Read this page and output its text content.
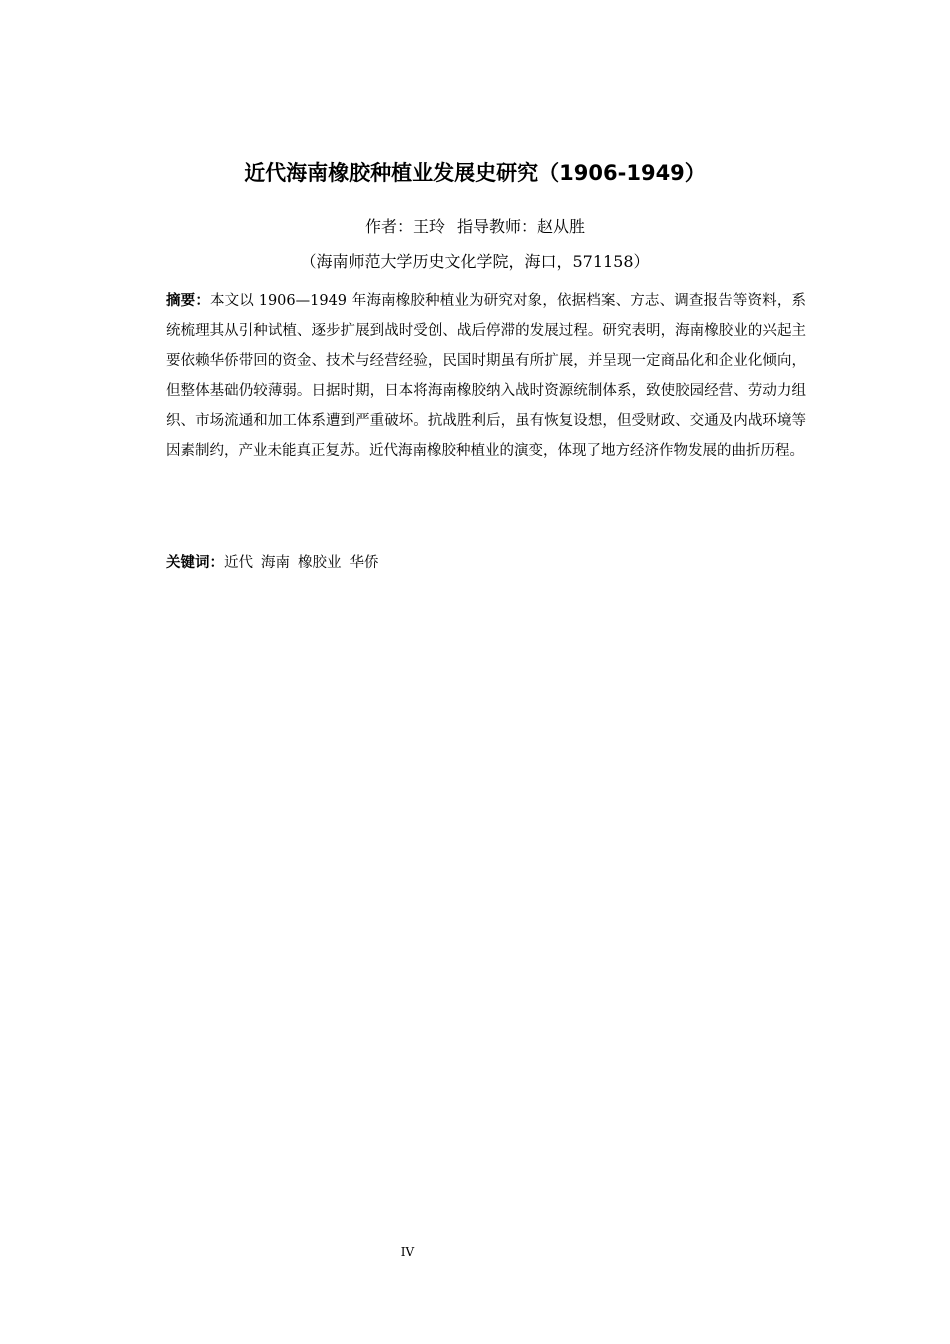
近代海南橡胶种植业发展史研究（1906-1949）
作者：王玲 指导教师：赵从胜
（海南师范大学历史文化学院，海口，571158）

摘要：本文以 1906—1949 年海南橡胶种植业为研究对象，依据档案、方志、调查报告等资料，系统梳理其从引种试植、逐步扩展到战时受创、战后停滞的发展过程。研究表明，海南橡胶业的兴起主要依赖华侨带回的资金、技术与经营经验，民国时期虽有所扩展，并呈现一定商品化和企业化倾向，但整体基础仍较薄弱。日据时期，日本将海南橡胶纳入战时资源统制体系，致使胶园经营、劳动力组织、市场流通和加工体系遭到严重破坏。抗战胜利后，虽有恢复设想，但受财政、交通及内战环境等因素制约，产业未能真正复苏。近代海南橡胶种植业的演变，体现了地方经济作物发展的曲折历程。

关键词：近代 海南 橡胶业 华侨
IV
